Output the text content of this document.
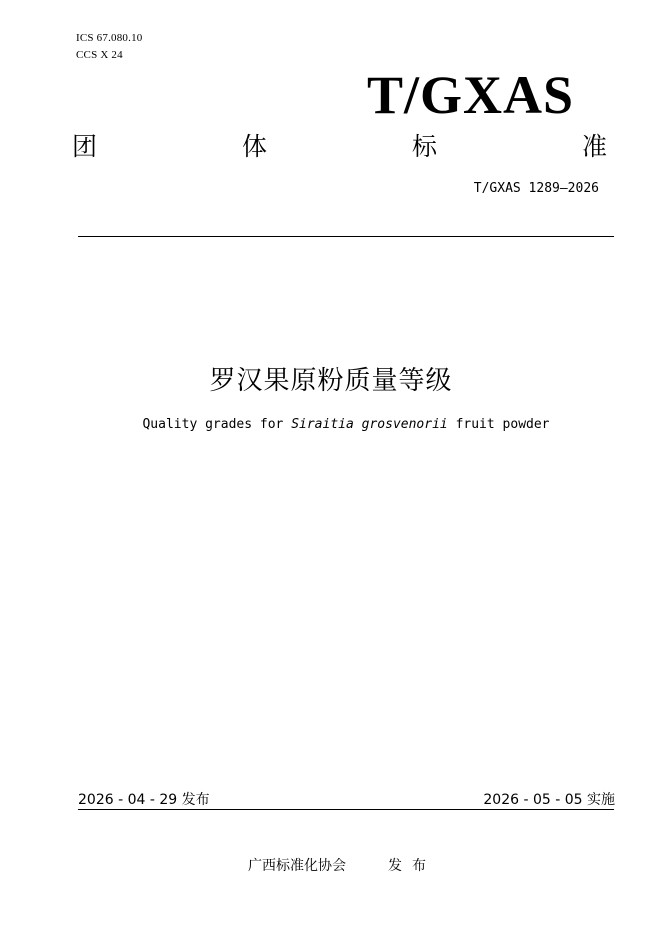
ICS 67.080.10
CCS X 24
T/GXAS
团	体	标	准
T/GXAS 1289—2026
罗汉果原粉质量等级
Quality grades for Siraitia grosvenorii fruit powder
2026 - 04 - 29 发布	2026 - 05 - 05 实施
广西标准化协会	发布
